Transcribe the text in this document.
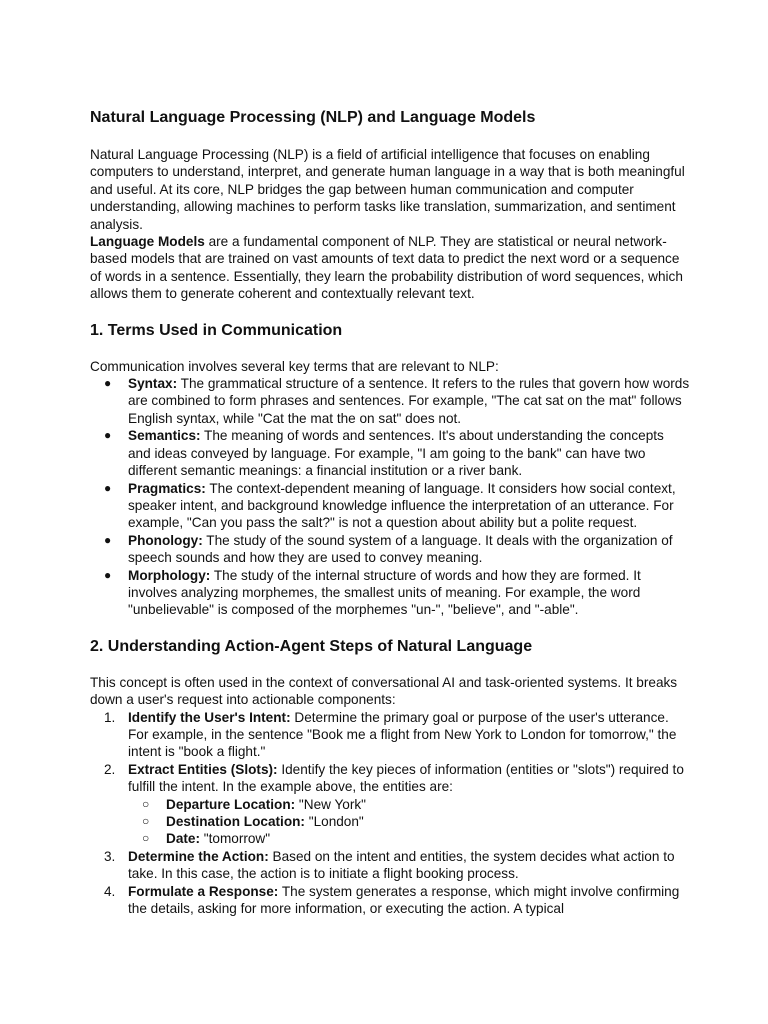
Natural Language Processing (NLP) and Language Models

Natural Language Processing (NLP) is a field of artificial intelligence that focuses on enabling computers to understand, interpret, and generate human language in a way that is both meaningful and useful. At its core, NLP bridges the gap between human communication and computer understanding, allowing machines to perform tasks like translation, summarization, and sentiment analysis.

Language Models are a fundamental component of NLP. They are statistical or neural network-based models that are trained on vast amounts of text data to predict the next word or a sequence of words in a sentence. Essentially, they learn the probability distribution of word sequences, which allows them to generate coherent and contextually relevant text.

1. Terms Used in Communication

Communication involves several key terms that are relevant to NLP:

● Syntax: The grammatical structure of a sentence. It refers to the rules that govern how words are combined to form phrases and sentences. For example, "The cat sat on the mat" follows English syntax, while "Cat the mat the on sat" does not.
● Semantics: The meaning of words and sentences. It's about understanding the concepts and ideas conveyed by language. For example, "I am going to the bank" can have two different semantic meanings: a financial institution or a river bank.
● Pragmatics: The context-dependent meaning of language. It considers how social context, speaker intent, and background knowledge influence the interpretation of an utterance. For example, "Can you pass the salt?" is not a question about ability but a polite request.
● Phonology: The study of the sound system of a language. It deals with the organization of speech sounds and how they are used to convey meaning.
● Morphology: The study of the internal structure of words and how they are formed. It involves analyzing morphemes, the smallest units of meaning. For example, the word "unbelievable" is composed of the morphemes "un-", "believe", and "-able".
2. Understanding Action-Agent Steps of Natural Language

This concept is often used in the context of conversational AI and task-oriented systems. It breaks down a user's request into actionable components:

1. Identify the User's Intent: Determine the primary goal or purpose of the user's utterance. For example, in the sentence "Book me a flight from New York to London for tomorrow," the intent is "book a flight."
2. Extract Entities (Slots): Identify the key pieces of information (entities or "slots") required to fulfill the intent. In the example above, the entities are:
○	Departure Location: "New York"
○	Destination Location: "London"
○	Date: "tomorrow"
3. Determine the Action: Based on the intent and entities, the system decides what action to take. In this case, the action is to initiate a flight booking process.
4. Formulate a Response: The system generates a response, which might involve confirming the details, asking for more information, or executing the action. A typical
